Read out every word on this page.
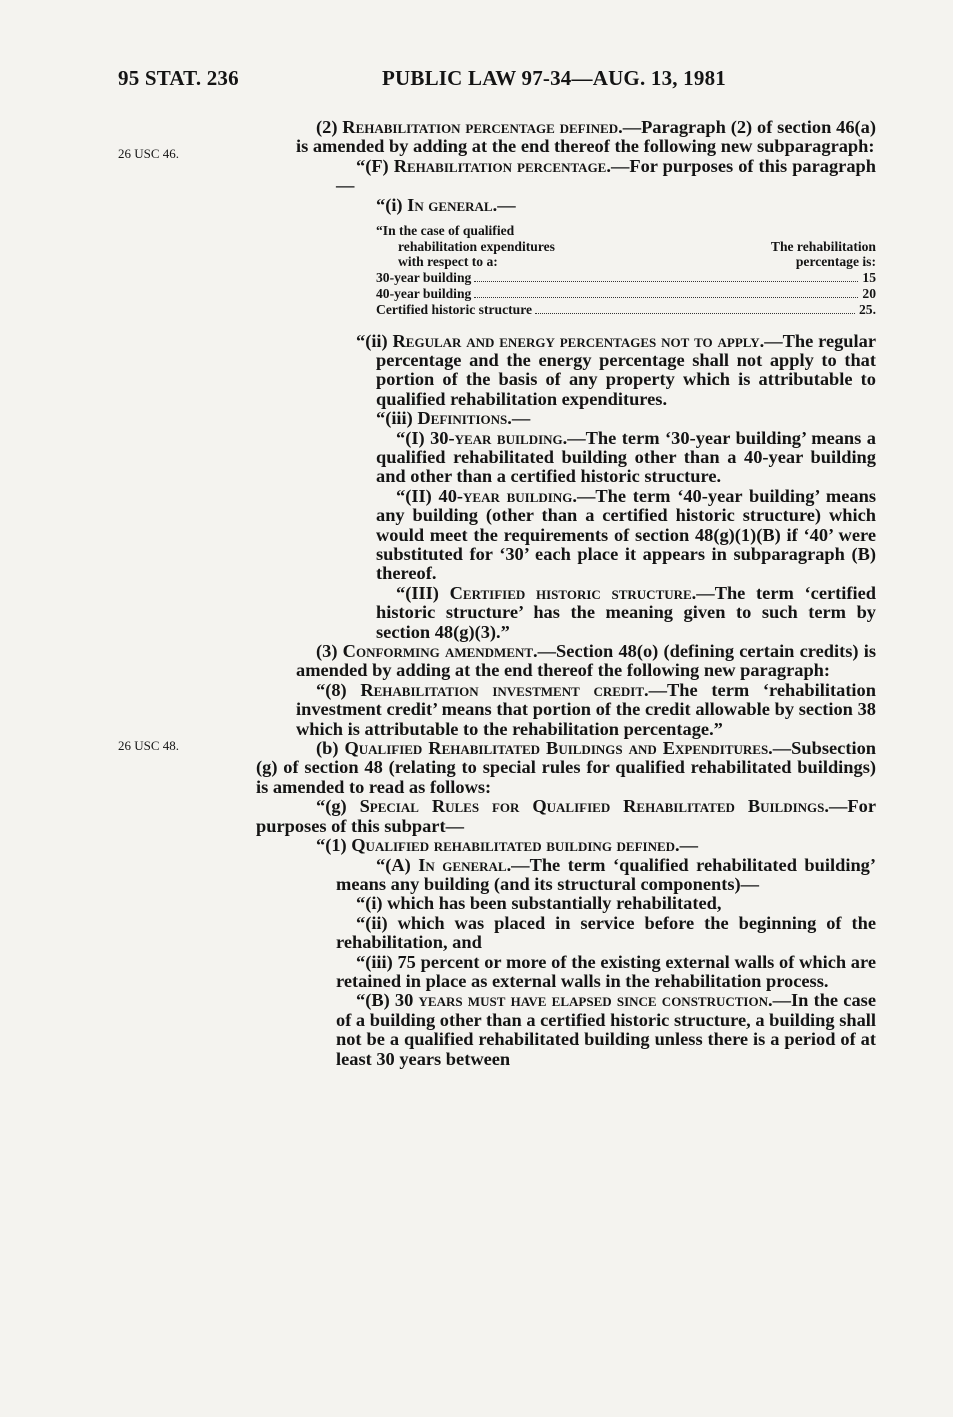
95 STAT. 236	PUBLIC LAW 97-34—AUG. 13, 1981
26 USC 46.
26 USC 48.

(2) Rehabilitation percentage defined.—Paragraph (2) of section 46(a) is amended by adding at the end thereof the following new subparagraph:

“(F) Rehabilitation percentage.—For purposes of this paragraph—

“(i) In general.—

“In the case of qualified
rehabilitation expenditures
with respect to a:
The rehabilitation
percentage is:
30-year building	15
40-year building	20
Certified historic structure	25.

“(ii) Regular and energy percentages not to apply.—The regular percentage and the energy percentage shall not apply to that portion of the basis of any property which is attributable to qualified rehabilitation expenditures.

“(iii) Definitions.—

“(I) 30-year building.—The term ‘30-year building’ means a qualified rehabilitated building other than a 40-year building and other than a certified historic structure.

“(II) 40-year building.—The term ‘40-year building’ means any building (other than a certified historic structure) which would meet the requirements of section 48(g)(1)(B) if ‘40’ were substituted for ‘30’ each place it appears in subparagraph (B) thereof.

“(III) Certified historic structure.—The term ‘certified historic structure’ has the meaning given to such term by section 48(g)(3).”

(3) Conforming amendment.—Section 48(o) (defining certain credits) is amended by adding at the end thereof the following new paragraph:

“(8) Rehabilitation investment credit.—The term ‘rehabilitation investment credit’ means that portion of the credit allowable by section 38 which is attributable to the rehabilitation percentage.”

(b) Qualified Rehabilitated Buildings and Expenditures.—Subsection (g) of section 48 (relating to special rules for qualified rehabilitated buildings) is amended to read as follows:

“(g) Special Rules for Qualified Rehabilitated Buildings.—For purposes of this subpart—

“(1) Qualified rehabilitated building defined.—

“(A) In general.—The term ‘qualified rehabilitated building’ means any building (and its structural components)—

“(i) which has been substantially rehabilitated,

“(ii) which was placed in service before the beginning of the rehabilitation, and

“(iii) 75 percent or more of the existing external walls of which are retained in place as external walls in the rehabilitation process.

“(B) 30 years must have elapsed since construction.—In the case of a building other than a certified historic structure, a building shall not be a qualified rehabilitated building unless there is a period of at least 30 years between
